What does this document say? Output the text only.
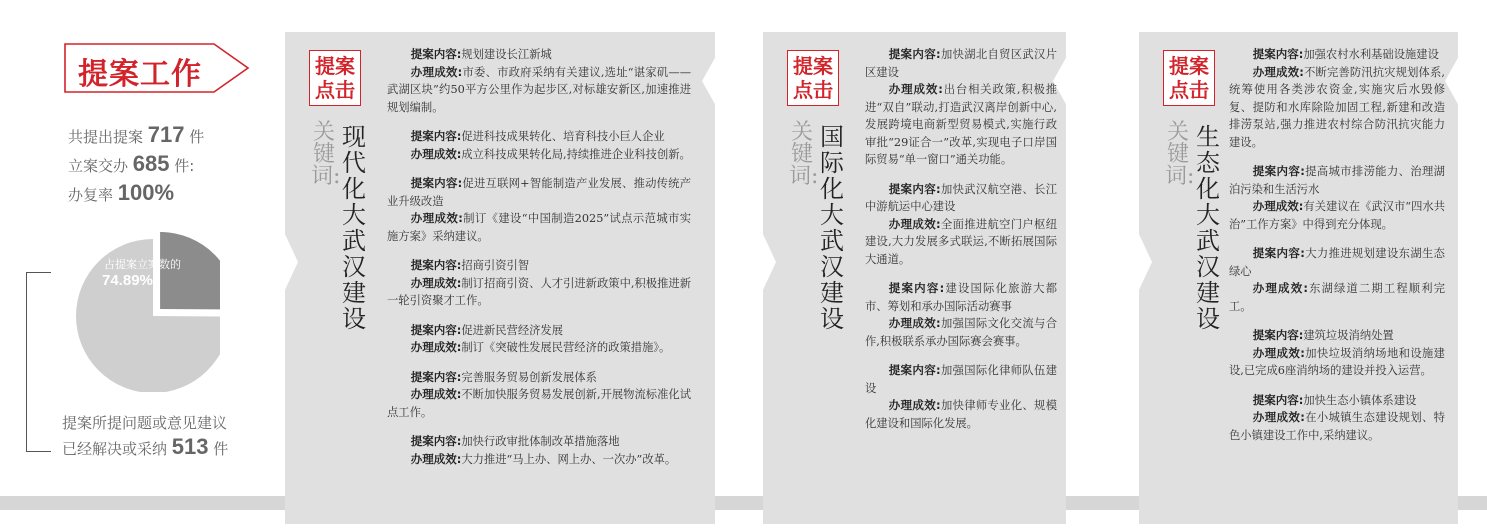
提案工作
共提出提案 717 件
立案交办 685 件:
办复率 100%
占提案立案数的
74.89%
提案所提问题或意见建议
已经解决或采纳 513 件
提案
点击
关键词:
现代化大武汉建设

提案内容:规划建设长江新城

办理成效:市委、市政府采纳有关建议,选址“谌家矶——武湖区块”约50平方公里作为起步区,对标雄安新区,加速推进规划编制。

提案内容:促进科技成果转化、培育科技小巨人企业

办理成效:成立科技成果转化局,持续推进企业科技创新。

提案内容:促进互联网+智能制造产业发展、推动传统产业升级改造

办理成效:制订《建设“中国制造2025”试点示范城市实施方案》采纳建议。

提案内容:招商引资引智

办理成效:制订招商引资、人才引进新政策中,积极推进新一轮引资聚才工作。

提案内容:促进新民营经济发展

办理成效:制订《突破性发展民营经济的政策措施》。

提案内容:完善服务贸易创新发展体系

办理成效:不断加快服务贸易发展创新,开展物流标准化试点工作。

提案内容:加快行政审批体制改革措施落地

办理成效:大力推进“马上办、网上办、一次办”改革。

提案
点击
关键词:
国际化大武汉建设

提案内容:加快湖北自贸区武汉片区建设

办理成效:出台相关政策,积极推进“双自”联动,打造武汉离岸创新中心,发展跨境电商新型贸易模式,实施行政审批“29证合一”改革,实现电子口岸国际贸易“单一窗口”通关功能。

提案内容:加快武汉航空港、长江中游航运中心建设

办理成效:全面推进航空门户枢纽建设,大力发展多式联运,不断拓展国际大通道。

提案内容:建设国际化旅游大都市、筹划和承办国际活动赛事

办理成效:加强国际文化交流与合作,积极联系承办国际赛会赛事。

提案内容:加强国际化律师队伍建设

办理成效:加快律师专业化、规模化建设和国际化发展。

提案
点击
关键词:
生态化大武汉建设

提案内容:加强农村水利基础设施建设

办理成效:不断完善防汛抗灾规划体系,统筹使用各类涉农资金,实施灾后水毁修复、提防和水库除险加固工程,新建和改造排涝泵站,强力推进农村综合防汛抗灾能力建设。

提案内容:提高城市排涝能力、治理湖泊污染和生活污水

办理成效:有关建议在《武汉市“四水共治”工作方案》中得到充分体现。

提案内容:大力推进规划建设东湖生态绿心

办理成效:东湖绿道二期工程顺利完工。

提案内容:建筑垃圾消纳处置

办理成效:加快垃圾消纳场地和设施建设,已完成6座消纳场的建设并投入运营。

提案内容:加快生态小镇体系建设

办理成效:在小城镇生态建设规划、特色小镇建设工作中,采纳建议。
